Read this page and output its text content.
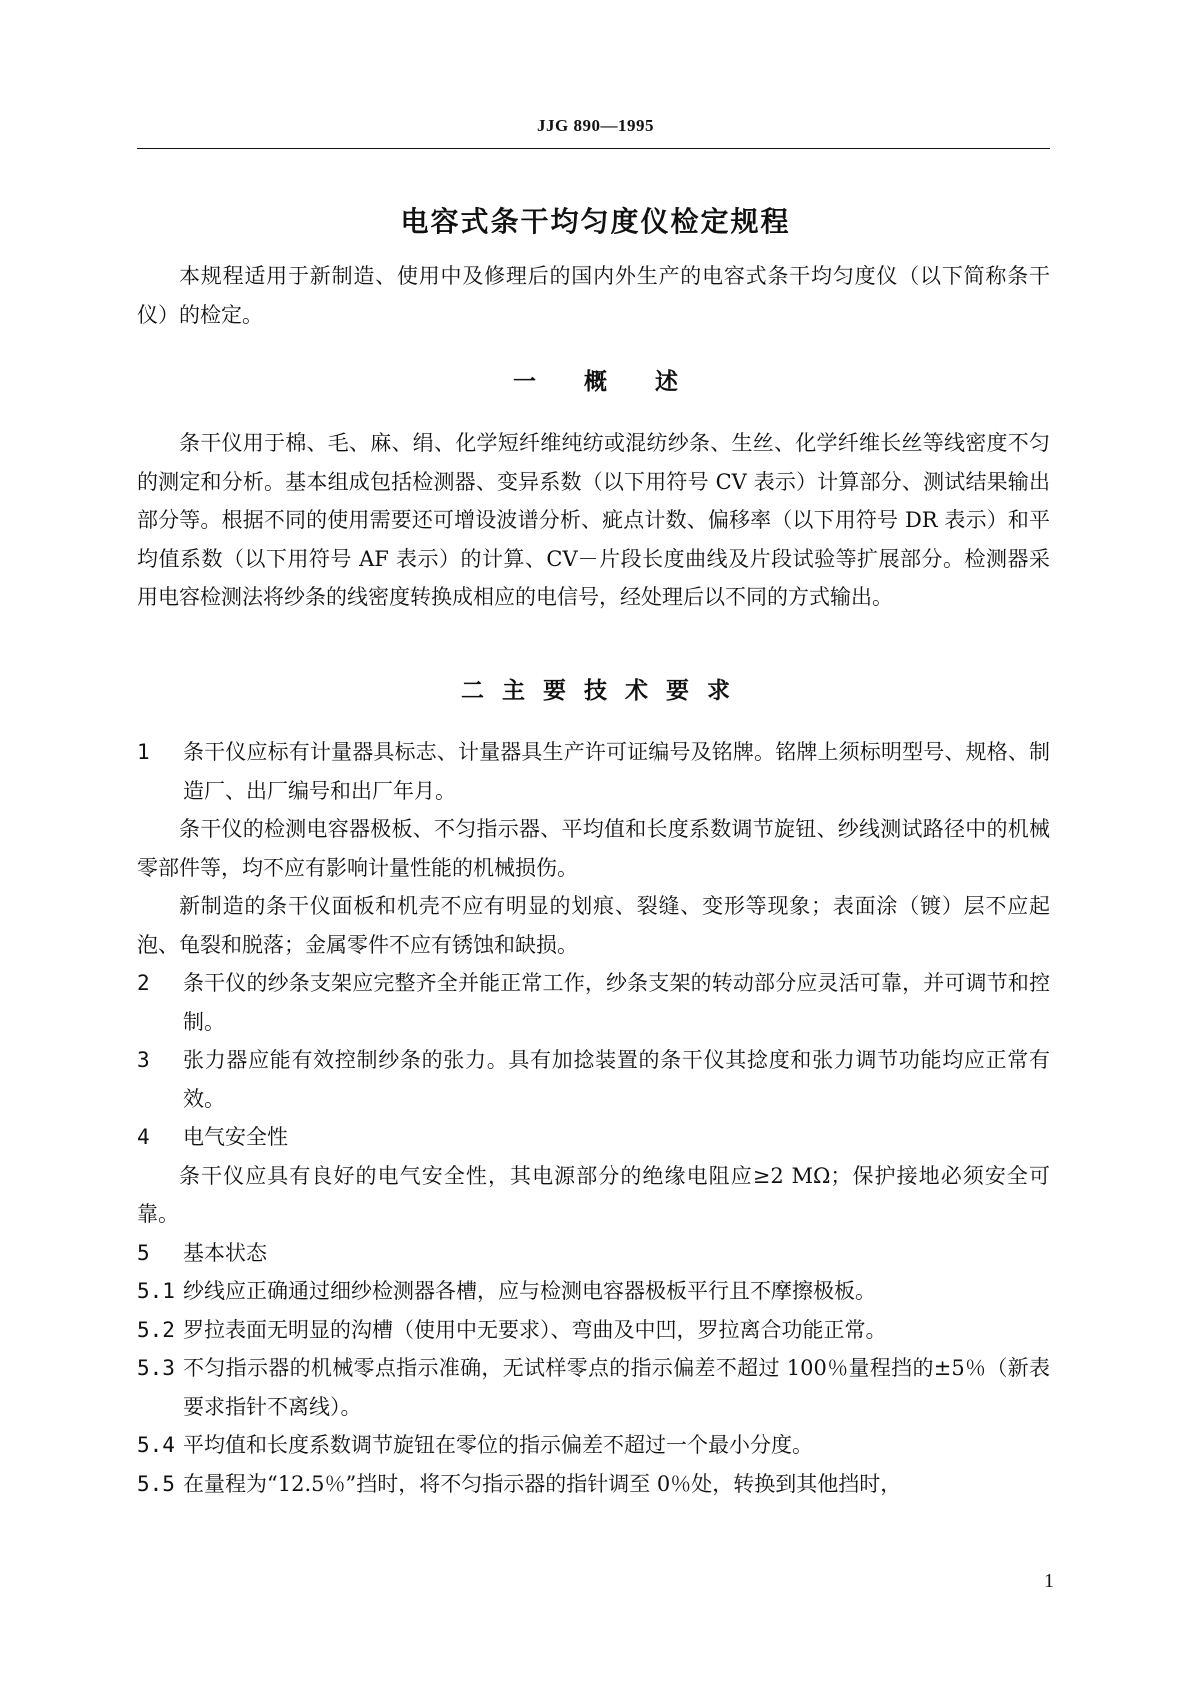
JJG 890—1995
电容式条干均匀度仪检定规程

本规程适用于新制造、使用中及修理后的国内外生产的电容式条干均匀度仪（以下简称条干仪）的检定。

一 概 述

条干仪用于棉、毛、麻、绢、化学短纤维纯纺或混纺纱条、生丝、化学纤维长丝等线密度不匀的测定和分析。基本组成包括检测器、变异系数（以下用符号 CV 表示）计算部分、测试结果输出部分等。根据不同的使用需要还可增设波谱分析、疵点计数、偏移率（以下用符号 DR 表示）和平均值系数（以下用符号 AF 表示）的计算、CV－片段长度曲线及片段试验等扩展部分。检测器采用电容检测法将纱条的线密度转换成相应的电信号，经处理后以不同的方式输出。

二 主 要 技 术 要 求
1	条干仪应标有计量器具标志、计量器具生产许可证编号及铭牌。铭牌上须标明型号、规格、制造厂、出厂编号和出厂年月。

条干仪的检测电容器极板、不匀指示器、平均值和长度系数调节旋钮、纱线测试路径中的机械零部件等，均不应有影响计量性能的机械损伤。

新制造的条干仪面板和机壳不应有明显的划痕、裂缝、变形等现象；表面涂（镀）层不应起泡、龟裂和脱落；金属零件不应有锈蚀和缺损。

2	条干仪的纱条支架应完整齐全并能正常工作，纱条支架的转动部分应灵活可靠，并可调节和控制。
3	张力器应能有效控制纱条的张力。具有加捻装置的条干仪其捻度和张力调节功能均应正常有效。
4	电气安全性

条干仪应具有良好的电气安全性，其电源部分的绝缘电阻应≥2 MΩ；保护接地必须安全可靠。

5	基本状态
5.1 纱线应正确通过细纱检测器各槽，应与检测电容器极板平行且不摩擦极板。
5.2 罗拉表面无明显的沟槽（使用中无要求）、弯曲及中凹，罗拉离合功能正常。
5.3 不匀指示器的机械零点指示准确，无试样零点的指示偏差不超过 100％量程挡的±5％（新表要求指针不离线）。
5.4 平均值和长度系数调节旋钮在零位的指示偏差不超过一个最小分度。
5.5 在量程为“12.5％”挡时，将不匀指示器的指针调至 0％处，转换到其他挡时，
1
